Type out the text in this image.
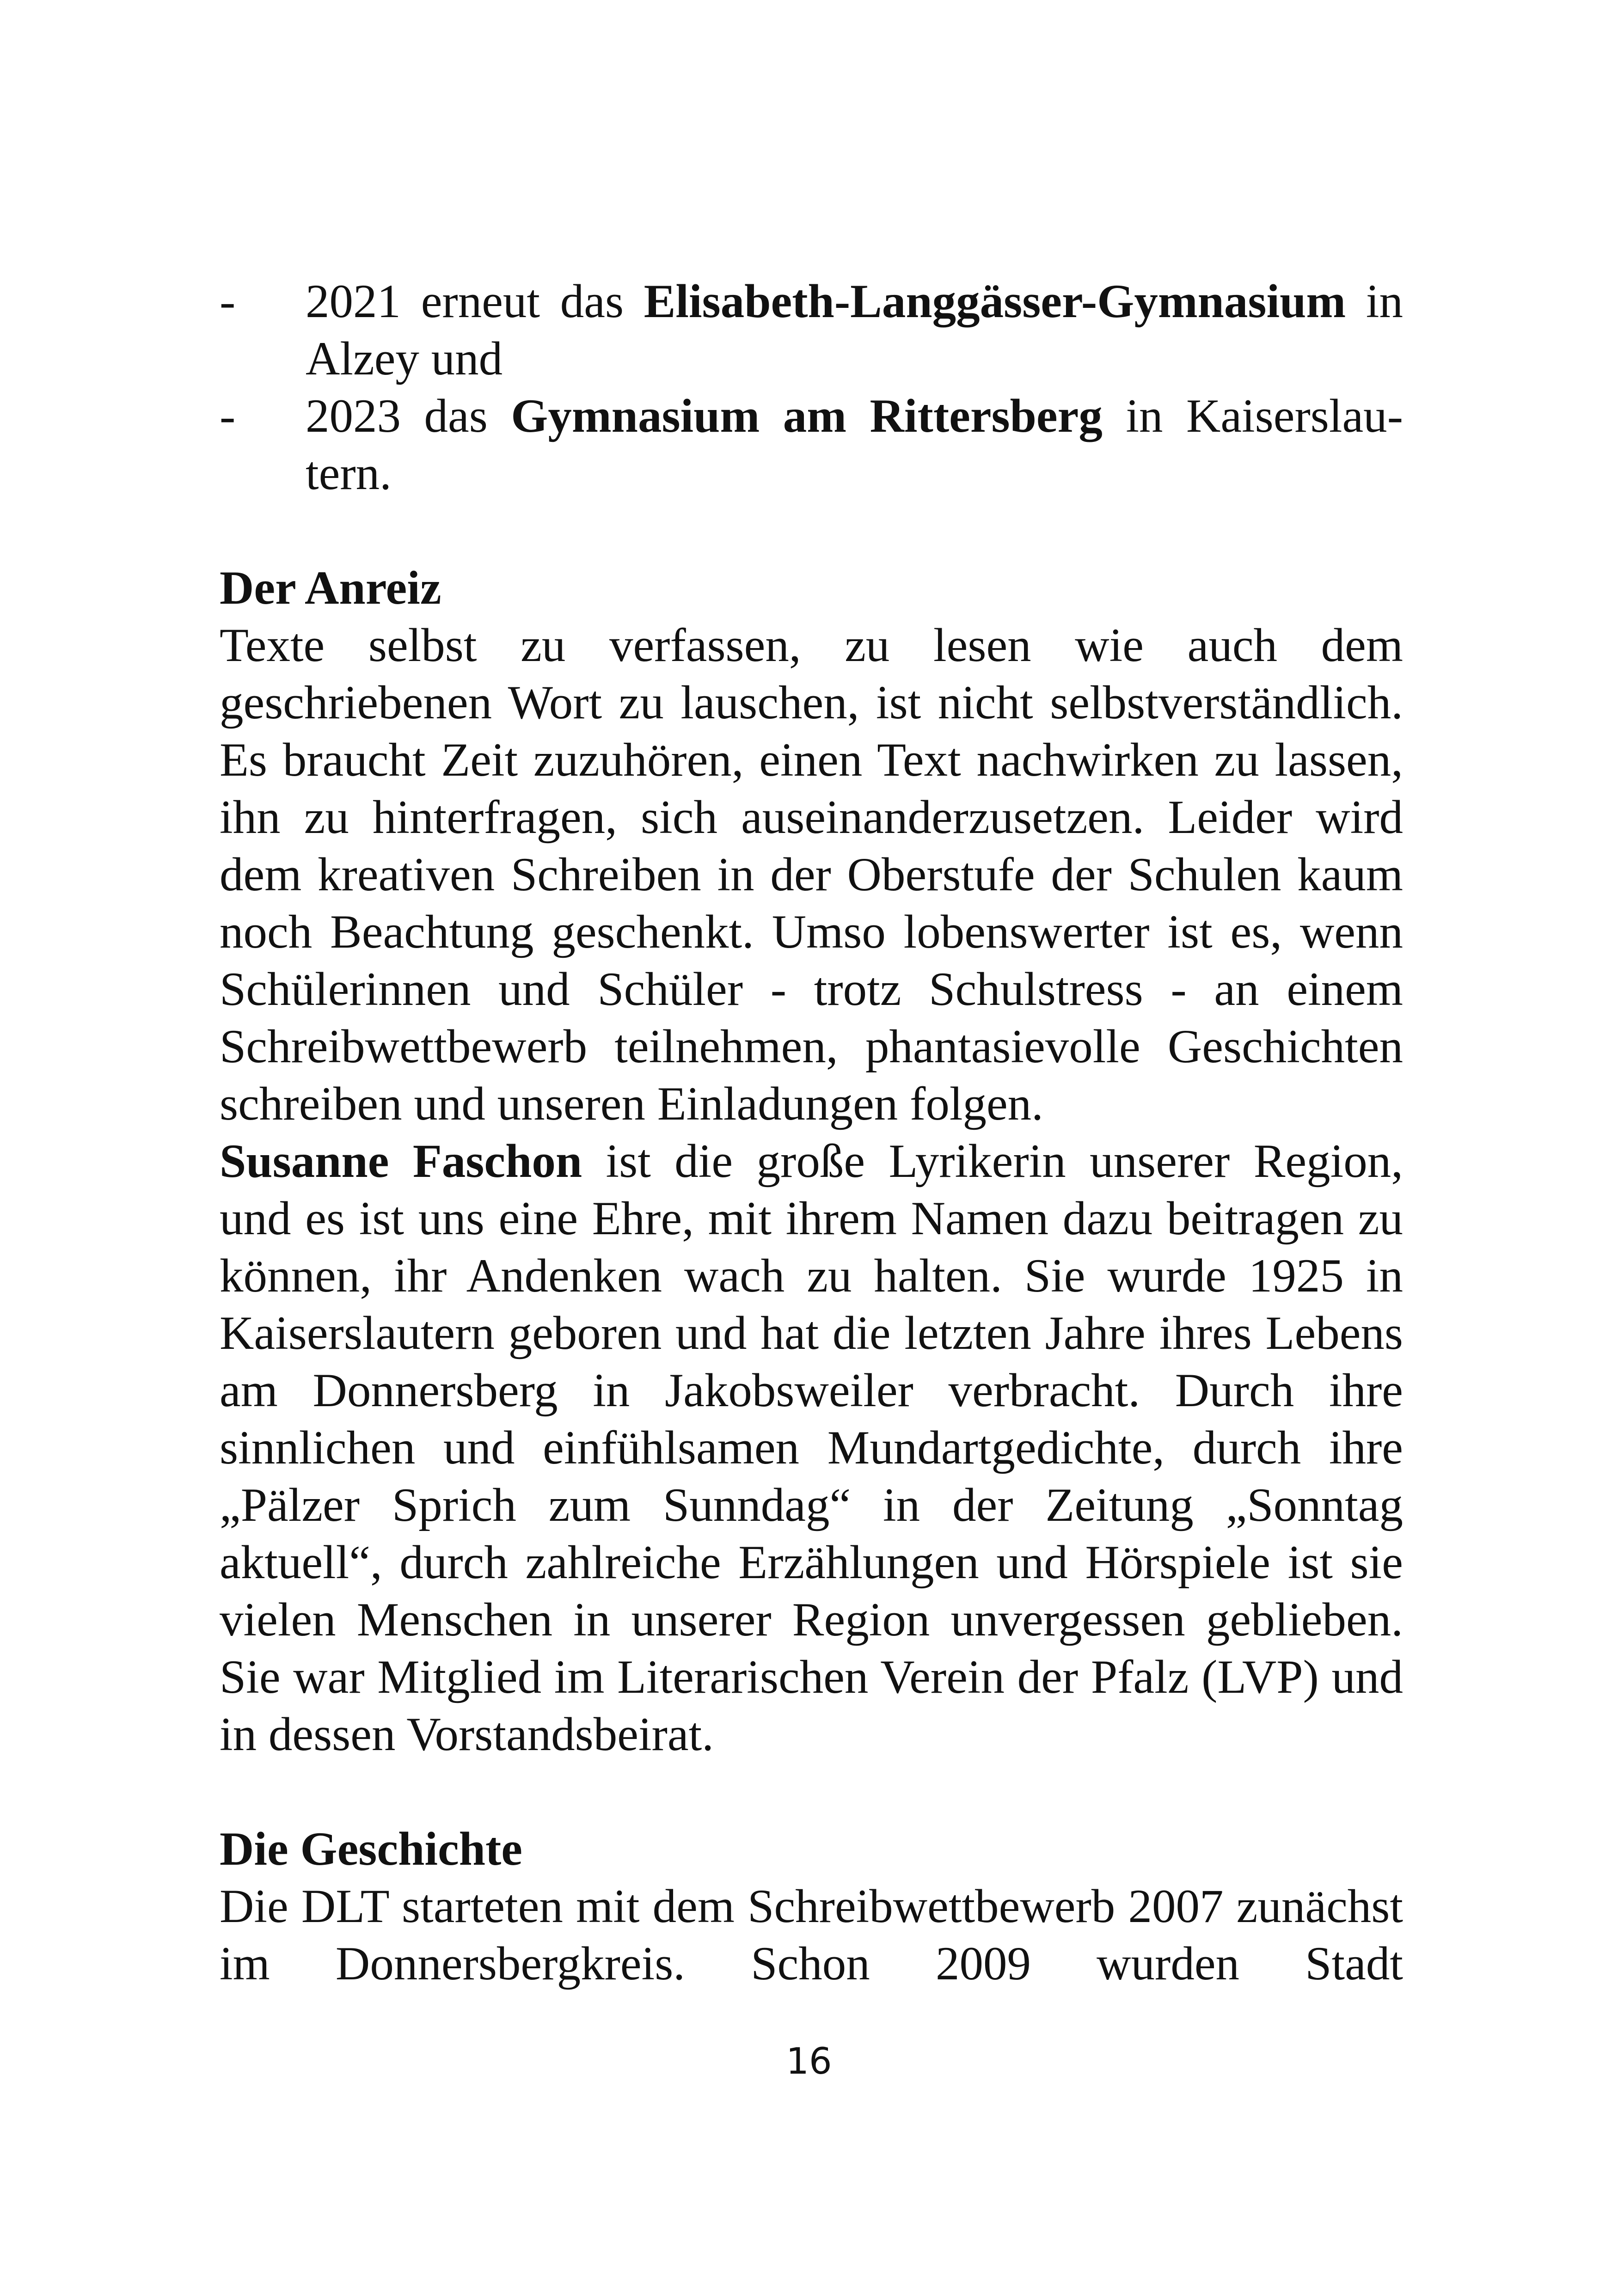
- 2021 erneut das Elisabeth-Langgässer-Gymnasium in Alzey und
- 2023 das Gymnasium am Rittersberg in Kaiserslautern.
Der Anreiz

Texte selbst zu verfassen, zu lesen wie auch dem geschriebenen Wort zu lauschen, ist nicht selbstverständlich. Es braucht Zeit zuzuhören, einen Text nachwirken zu lassen, ihn zu hinterfragen, sich auseinanderzusetzen. Leider wird dem kreativen Schreiben in der Oberstufe der Schulen kaum noch Beachtung geschenkt. Umso lobenswerter ist es, wenn Schülerinnen und Schüler - trotz Schulstress - an einem Schreibwettbewerb teilnehmen, phantasievolle Geschichten schreiben und unseren Einladungen folgen.

Susanne Faschon ist die große Lyrikerin unserer Region, und es ist uns eine Ehre, mit ihrem Namen dazu beitragen zu können, ihr Andenken wach zu halten. Sie wurde 1925 in Kaiserslautern geboren und hat die letzten Jahre ihres Lebens am Donnersberg in Jakobsweiler verbracht. Durch ihre sinnlichen und einfühlsamen Mundartgedichte, durch ihre „Pälzer Sprich zum Sunndag“ in der Zeitung „Sonntag aktuell“, durch zahlreiche Erzählungen und Hörspiele ist sie vielen Menschen in unserer Region unvergessen geblieben. Sie war Mitglied im Literarischen Verein der Pfalz (LVP) und in dessen Vorstandsbeirat.

Die Geschichte

Die DLT starteten mit dem Schreibwettbewerb 2007 zunächst im Donnersbergkreis. Schon 2009 wurden Stadt

16
